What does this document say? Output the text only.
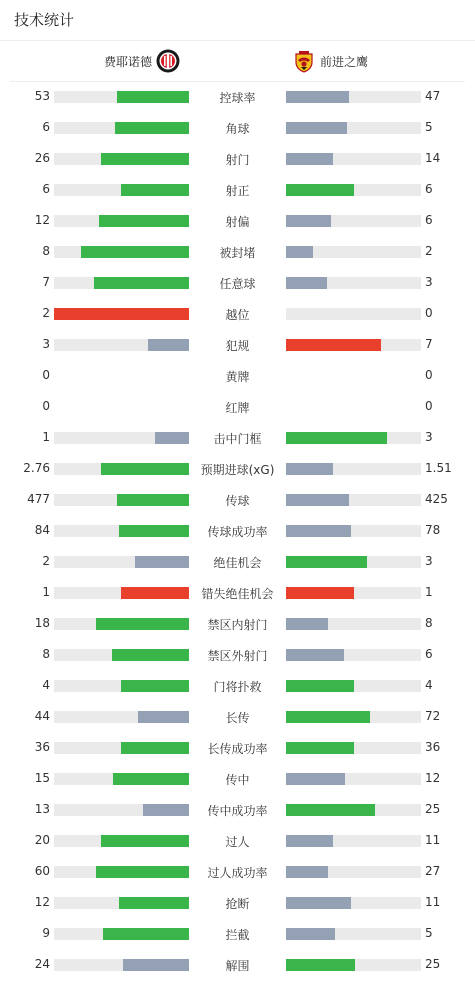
技术统计
费耶诺德	前进之鹰
53	控球率	47
6	角球	5
26	射门	14
6	射正	6
12	射偏	6
8	被封堵	2
7	任意球	3
2	越位	0
3	犯规	7
0	黄牌	0
0	红牌	0
1	击中门框	3
2.76	预期进球(xG)	1.51
477	传球	425
84	传球成功率	78
2	绝佳机会	3
1	错失绝佳机会	1
18	禁区内射门	8
8	禁区外射门	6
4	门将扑救	4
44	长传	72
36	长传成功率	36
15	传中	12
13	传中成功率	25
20	过人	11
60	过人成功率	27
12	抢断	11
9	拦截	5
24	解围	25
